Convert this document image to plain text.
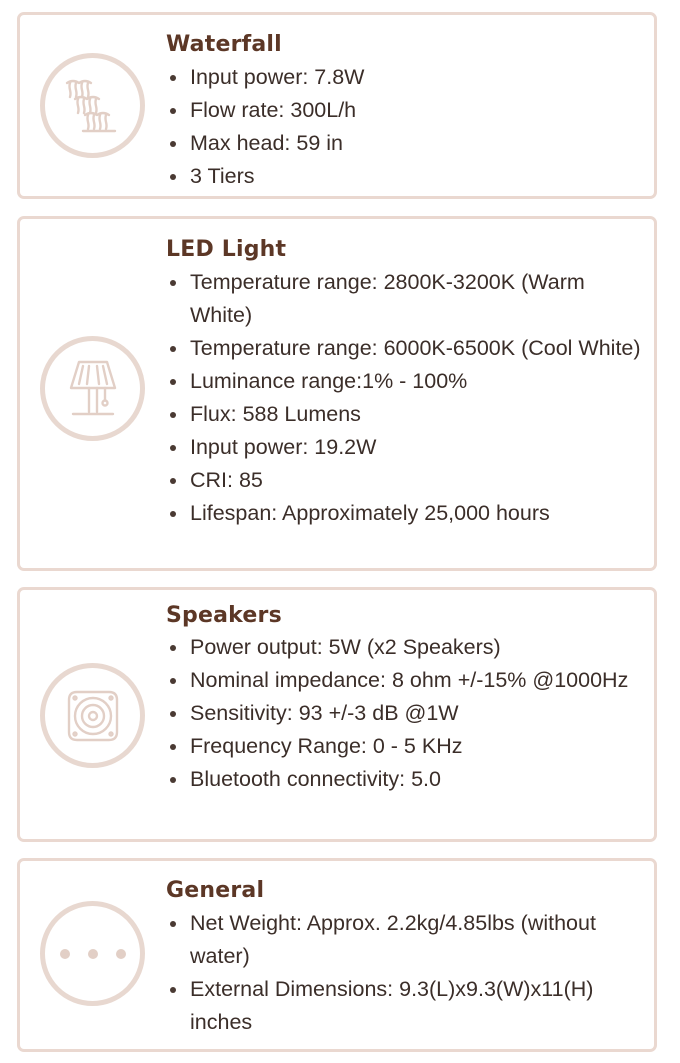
Waterfall
Input power: 7.8W
Flow rate: 300L/h
Max head: 59 in
3 Tiers
LED Light
Temperature range: 2800K-3200K (Warm White)
Temperature range: 6000K-6500K (Cool White)
Luminance range:1% - 100%
Flux: 588 Lumens
Input power: 19.2W
CRI: 85
Lifespan: Approximately 25,000 hours
Speakers
Power output: 5W (x2 Speakers)
Nominal impedance: 8 ohm +/-15% @1000Hz
Sensitivity: 93 +/-3 dB @1W
Frequency Range: 0 - 5 KHz
Bluetooth connectivity: 5.0
General
Net Weight: Approx. 2.2kg/4.85lbs (without water)
External Dimensions: 9.3(L)x9.3(W)x11(H) inches
